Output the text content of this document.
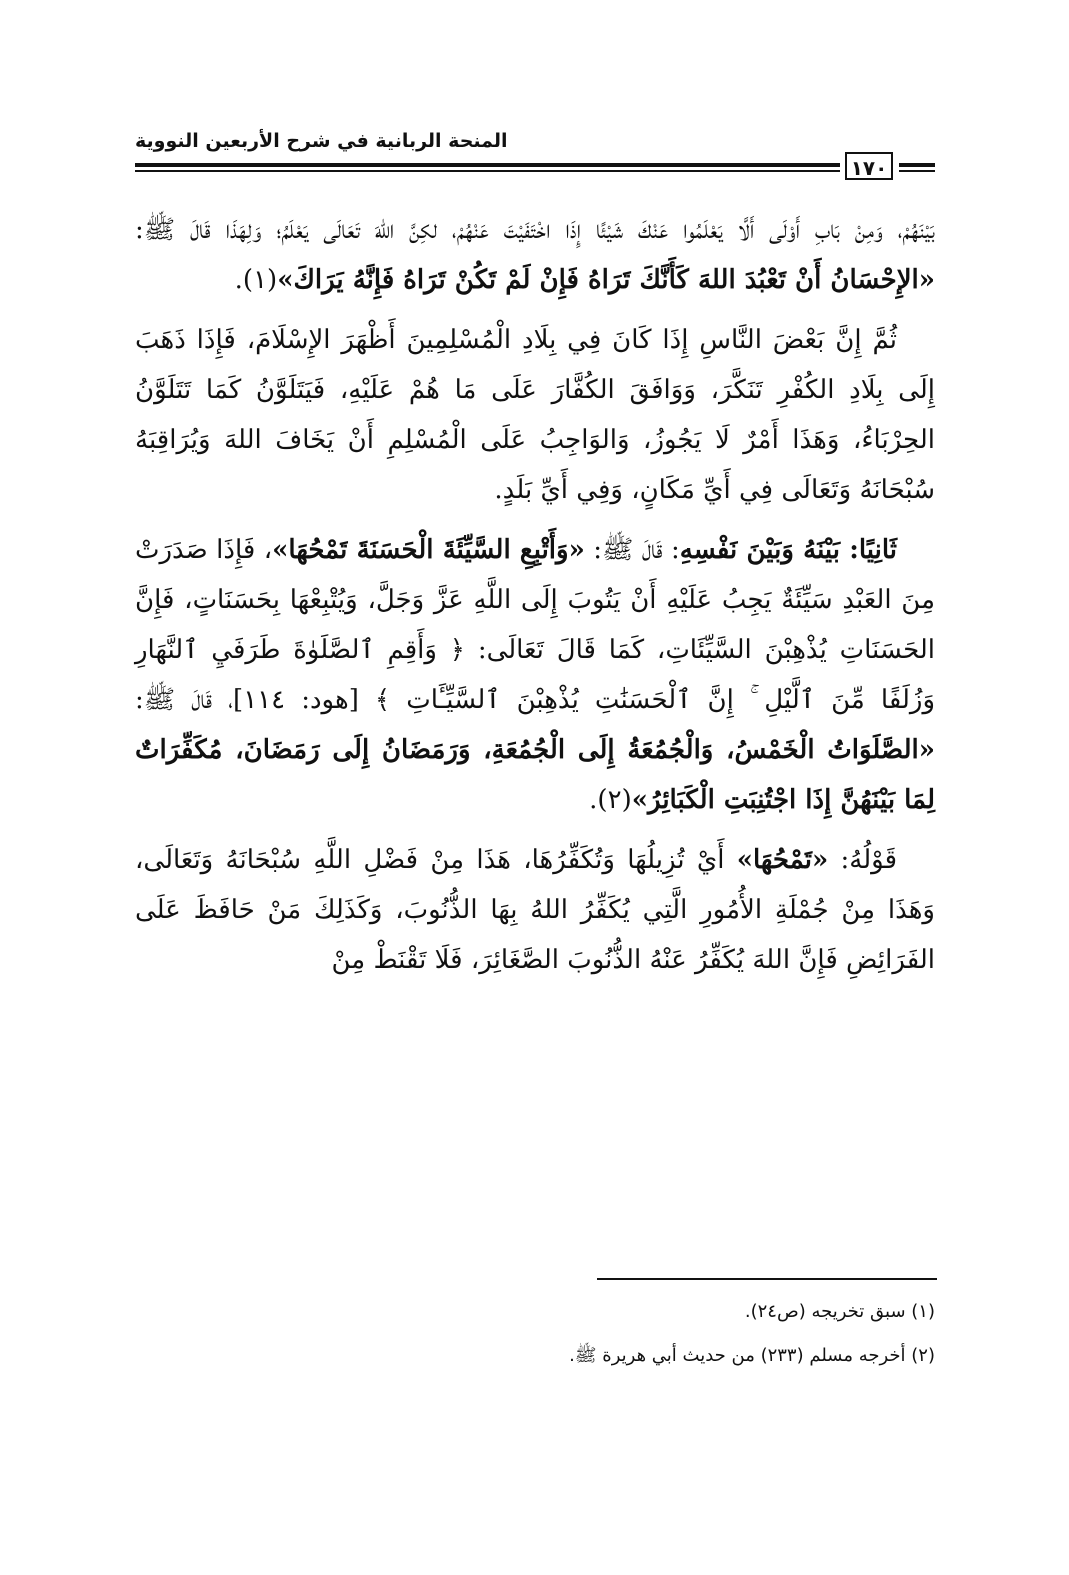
المنحة الربانية في شرح الأربعين النووية
١٧٠

بَيْنَهُمْ، وَمِنْ بَابِ أَوْلَى أَلَّا يَعْلَمُوا عَنْكَ شَيْئًا إِذَا اخْتَفَيْتَ عَنْهُمْ، لكِنَّ اللهَ تَعَالَى يَعْلَمُ؛ وَلِهَذَا قَالَ ﷺ: «الإِحْسَانُ أَنْ تَعْبُدَ اللهَ كَأَنَّكَ تَرَاهُ فَإِنْ لَمْ تَكُنْ تَرَاهُ فَإِنَّهُ يَرَاكَ»(١).

ثُمَّ إِنَّ بَعْضَ النَّاسِ إِذَا كَانَ فِي بِلَادِ الْمُسْلِمِينَ أَظْهَرَ الإِسْلَامَ، فَإِذَا ذَهَبَ إِلَى بِلَادِ الكُفْرِ تَنَكَّرَ، وَوَافَقَ الكُفَّارَ عَلَى مَا هُمْ عَلَيْهِ، فَيَتَلَوَّنُ كَمَا تَتَلَوَّنُ الحِرْبَاءُ، وَهَذَا أَمْرٌ لَا يَجُوزُ، وَالوَاجِبُ عَلَى الْمُسْلِمِ أَنْ يَخَافَ اللهَ وَيُرَاقِبَهُ سُبْحَانَهُ وَتَعَالَى فِي أَيِّ مَكَانٍ، وَفِي أَيِّ بَلَدٍ.

ثَانِيًا: بَيْنَهُ وَبَيْنَ نَفْسِهِ: قَالَ ﷺ: «وَأَتْبِعِ السَّيِّئَةَ الْحَسَنَةَ تَمْحُهَا»، فَإِذَا صَدَرَتْ مِنَ العَبْدِ سَيِّئَةٌ يَجِبُ عَلَيْهِ أَنْ يَتُوبَ إِلَى اللَّهِ عَزَّ وَجَلَّ، وَيُتْبِعْهَا بِحَسَنَاتٍ، فَإِنَّ الحَسَنَاتِ يُذْهِبْنَ السَّيِّئَاتِ، كَمَا قَالَ تَعَالَى: ﴿ وَأَقِمِ ٱلصَّلَوٰةَ طَرَفَيِ ٱلنَّهَارِ وَزُلَفًا مِّنَ ٱلَّيْلِ ۚ إِنَّ ٱلْحَسَنَٰتِ يُذْهِبْنَ ٱلسَّيِّـَٔاتِ ﴾ [هود: ١١٤]، قَالَ ﷺ: «الصَّلَوَاتُ الْخَمْسُ، وَالْجُمُعَةُ إِلَى الْجُمُعَةِ، وَرَمَضَانُ إِلَى رَمَضَانَ، مُكَفِّرَاتٌ لِمَا بَيْنَهُنَّ إِذَا اجْتُنِبَتِ الْكَبَائِرُ»(٢).

قَوْلُهُ: «تَمْحُهَا» أَيْ تُزِيلُهَا وَتُكَفِّرُهَا، هَذَا مِنْ فَضْلِ اللَّهِ سُبْحَانَهُ وَتَعَالَى، وَهَذَا مِنْ جُمْلَةِ الأُمُورِ الَّتِي يُكَفِّرُ اللهُ بِهَا الذُّنُوبَ، وَكَذَلِكَ مَنْ حَافَظَ عَلَى الفَرَائِضِ فَإِنَّ اللهَ يُكَفِّرُ عَنْهُ الذُّنُوبَ الصَّغَائِرَ، فَلَا تَقْنَطْ مِنْ

(١) سبق تخريجه (ص٢٤).

(٢) أخرجه مسلم (٢٣٣) من حديث أبي هريرة ﷺ.
